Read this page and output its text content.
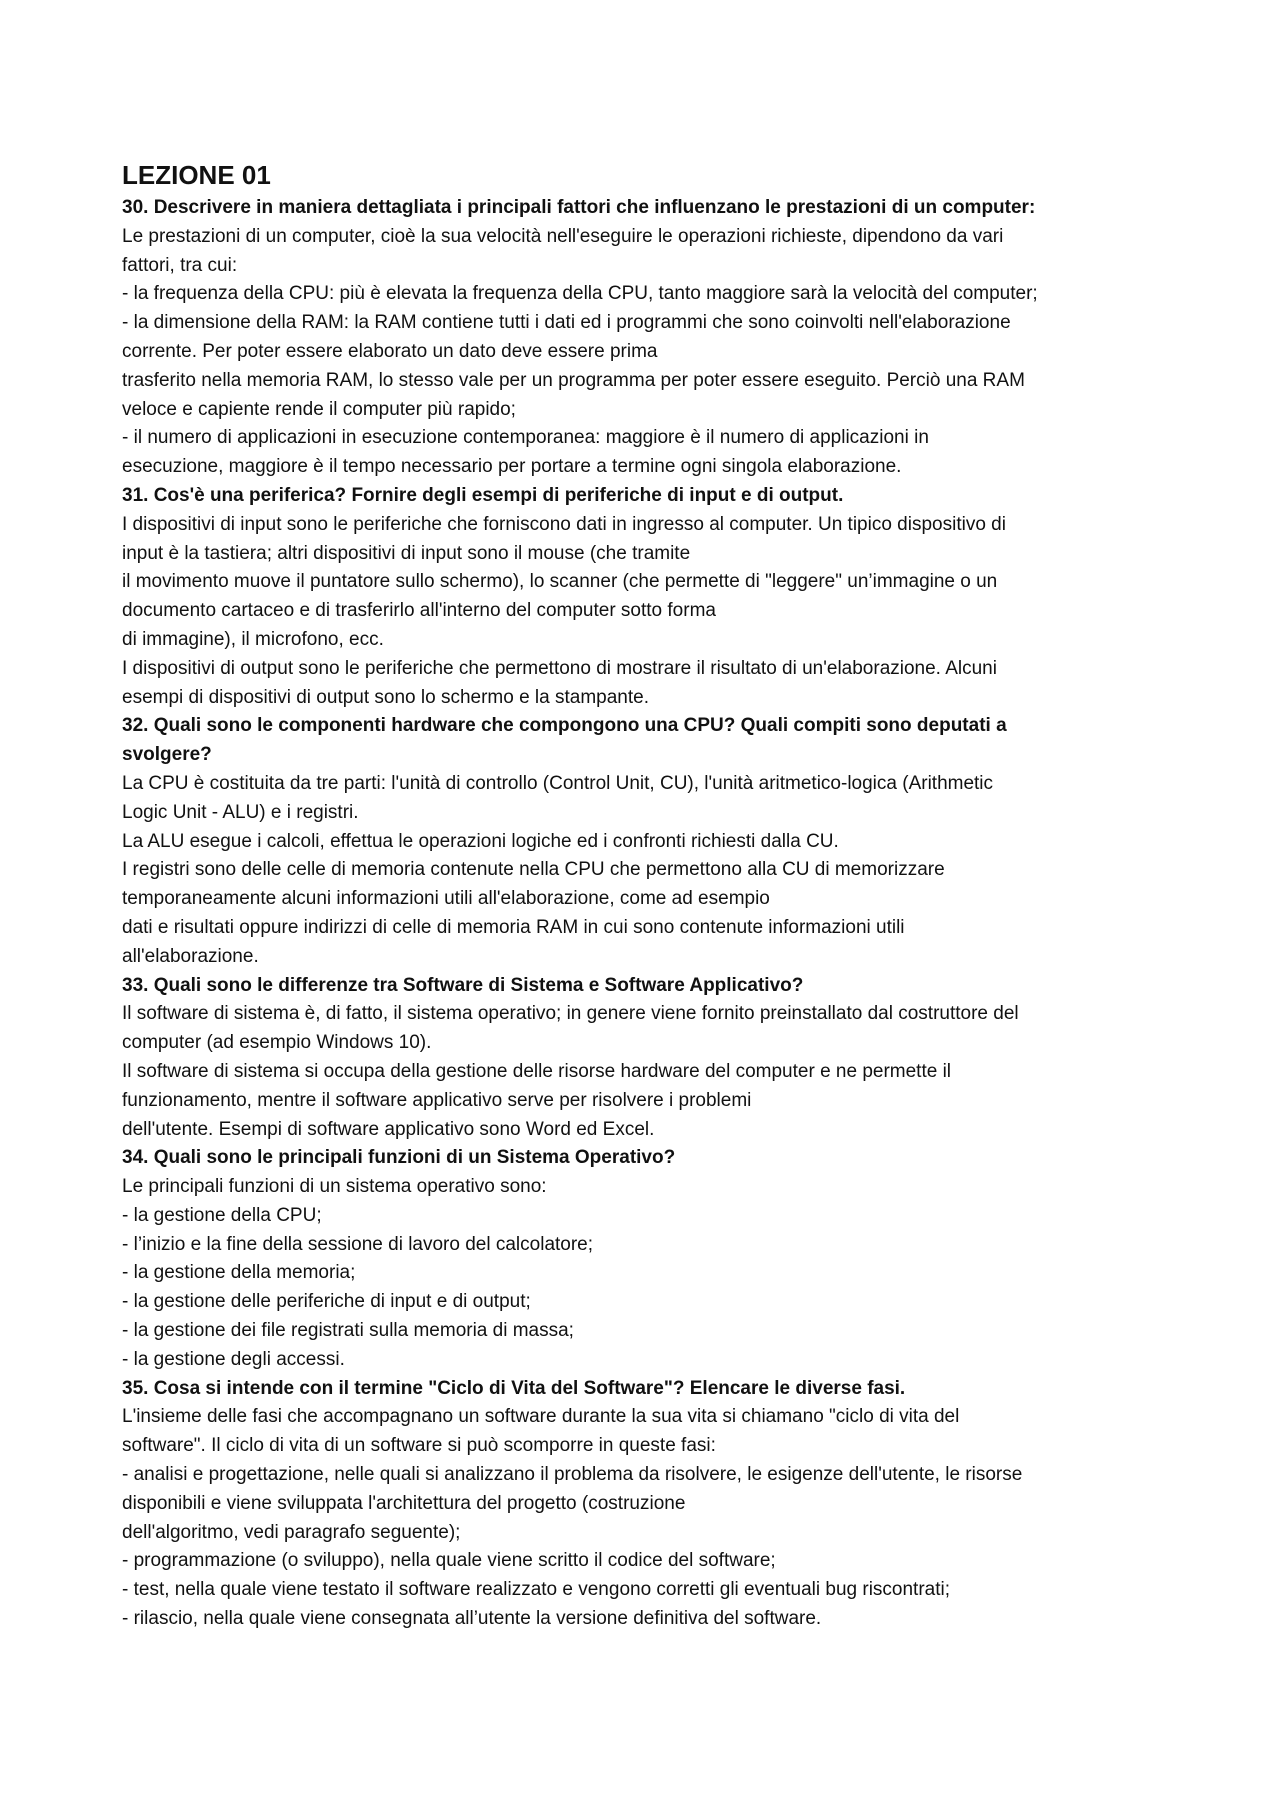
LEZIONE 01
30. Descrivere in maniera dettagliata i principali fattori che influenzano le prestazioni di un computer:
Le prestazioni di un computer, cioè la sua velocità nell'eseguire le operazioni richieste, dipendono da vari
fattori, tra cui:
- la frequenza della CPU: più è elevata la frequenza della CPU, tanto maggiore sarà la velocità del computer;
- la dimensione della RAM: la RAM contiene tutti i dati ed i programmi che sono coinvolti nell'elaborazione
corrente. Per poter essere elaborato un dato deve essere prima
trasferito nella memoria RAM, lo stesso vale per un programma per poter essere eseguito. Perciò una RAM
veloce e capiente rende il computer più rapido;
- il numero di applicazioni in esecuzione contemporanea: maggiore è il numero di applicazioni in
esecuzione, maggiore è il tempo necessario per portare a termine ogni singola elaborazione.
31. Cos'è una periferica? Fornire degli esempi di periferiche di input e di output.
I dispositivi di input sono le periferiche che forniscono dati in ingresso al computer. Un tipico dispositivo di
input è la tastiera; altri dispositivi di input sono il mouse (che tramite
il movimento muove il puntatore sullo schermo), lo scanner (che permette di "leggere" un’immagine o un
documento cartaceo e di trasferirlo all'interno del computer sotto forma
di immagine), il microfono, ecc.
I dispositivi di output sono le periferiche che permettono di mostrare il risultato di un'elaborazione. Alcuni
esempi di dispositivi di output sono lo schermo e la stampante.
32. Quali sono le componenti hardware che compongono una CPU? Quali compiti sono deputati a
svolgere?
La CPU è costituita da tre parti: l'unità di controllo (Control Unit, CU), l'unità aritmetico-logica (Arithmetic
Logic Unit - ALU) e i registri.
La ALU esegue i calcoli, effettua le operazioni logiche ed i confronti richiesti dalla CU.
I registri sono delle celle di memoria contenute nella CPU che permettono alla CU di memorizzare
temporaneamente alcuni informazioni utili all'elaborazione, come ad esempio
dati e risultati oppure indirizzi di celle di memoria RAM in cui sono contenute informazioni utili
all'elaborazione.
33. Quali sono le differenze tra Software di Sistema e Software Applicativo?
Il software di sistema è, di fatto, il sistema operativo; in genere viene fornito preinstallato dal costruttore del
computer (ad esempio Windows 10).
Il software di sistema si occupa della gestione delle risorse hardware del computer e ne permette il
funzionamento, mentre il software applicativo serve per risolvere i problemi
dell'utente. Esempi di software applicativo sono Word ed Excel.
34. Quali sono le principali funzioni di un Sistema Operativo?
Le principali funzioni di un sistema operativo sono:
- la gestione della CPU;
- l’inizio e la fine della sessione di lavoro del calcolatore;
- la gestione della memoria;
- la gestione delle periferiche di input e di output;
- la gestione dei file registrati sulla memoria di massa;
- la gestione degli accessi.
35. Cosa si intende con il termine "Ciclo di Vita del Software"? Elencare le diverse fasi.
L'insieme delle fasi che accompagnano un software durante la sua vita si chiamano "ciclo di vita del
software". Il ciclo di vita di un software si può scomporre in queste fasi:
- analisi e progettazione, nelle quali si analizzano il problema da risolvere, le esigenze dell'utente, le risorse
disponibili e viene sviluppata l'architettura del progetto (costruzione
dell'algoritmo, vedi paragrafo seguente);
- programmazione (o sviluppo), nella quale viene scritto il codice del software;
- test, nella quale viene testato il software realizzato e vengono corretti gli eventuali bug riscontrati;
- rilascio, nella quale viene consegnata all’utente la versione definitiva del software.
